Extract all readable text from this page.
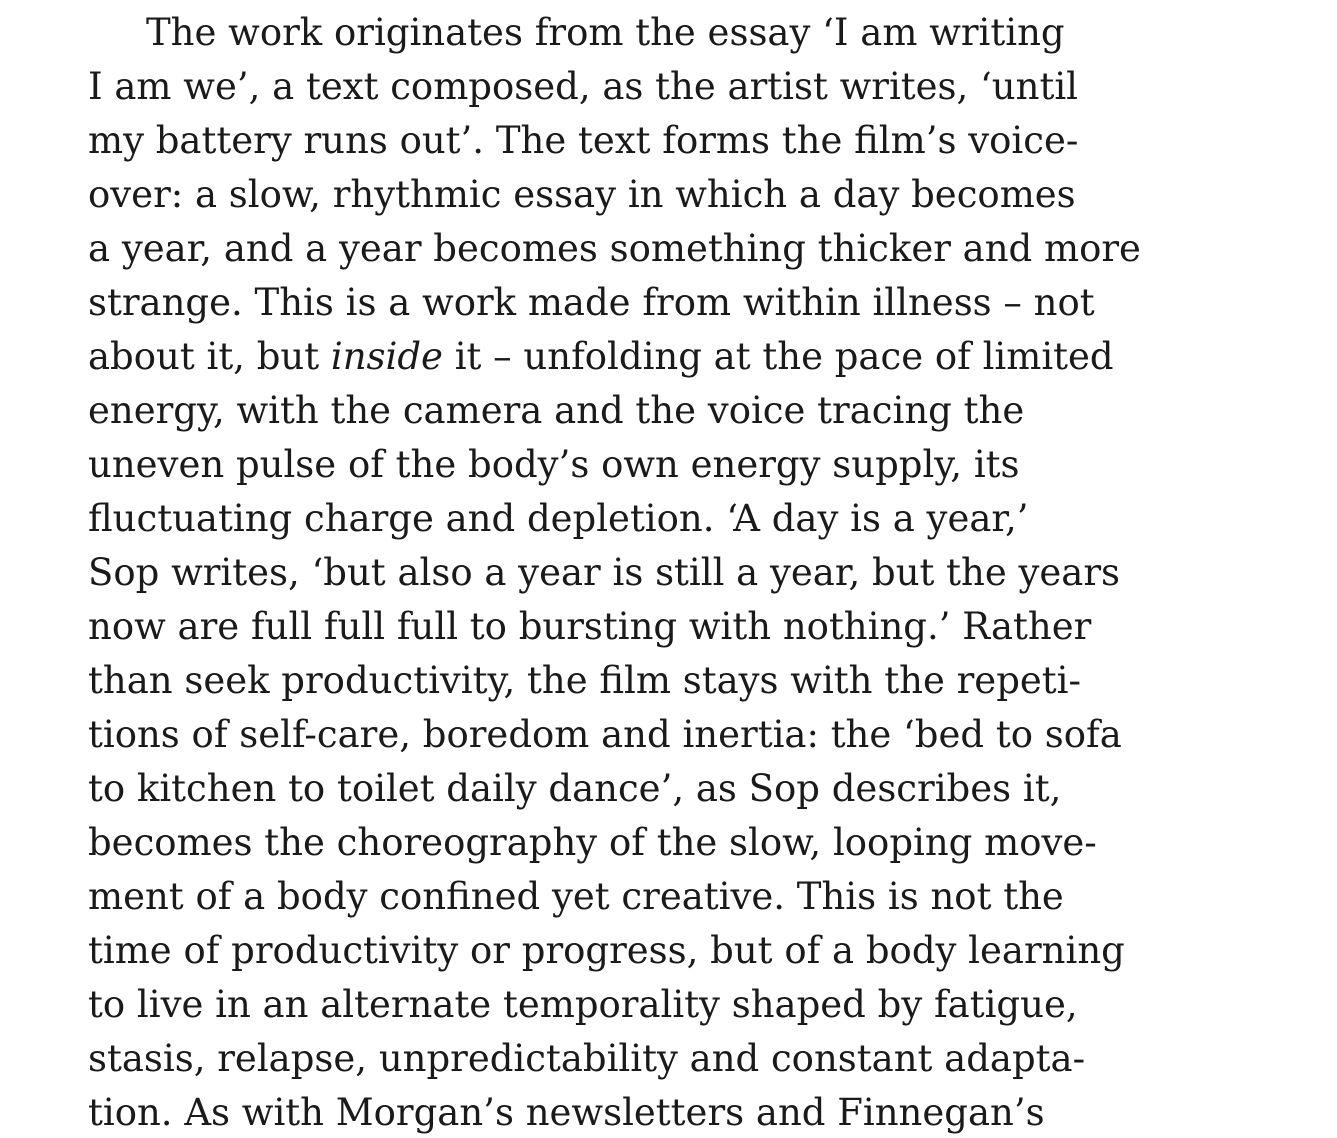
The work originates from the essay ‘I am writing
I am we’, a text composed, as the artist writes, ‘until
my battery runs out’. The text forms the film’s voice-
over: a slow, rhythmic essay in which a day becomes
a year, and a year becomes something thicker and more
strange. This is a work made from within illness – not
about it, but inside it – unfolding at the pace of limited
energy, with the camera and the voice tracing the
uneven pulse of the body’s own energy supply, its
fluctuating charge and depletion. ‘A day is a year,’
Sop writes, ‘but also a year is still a year, but the years
now are full full full to bursting with nothing.’ Rather
than seek productivity, the film stays with the repeti-
tions of self-care, boredom and inertia: the ‘bed to sofa
to kitchen to toilet daily dance’, as Sop describes it,
becomes the choreography of the slow, looping move-
ment of a body confined yet creative. This is not the
time of productivity or progress, but of a body learning
to live in an alternate temporality shaped by fatigue,
stasis, relapse, unpredictability and constant adapta-
tion. As with Morgan’s newsletters and Finnegan’s
